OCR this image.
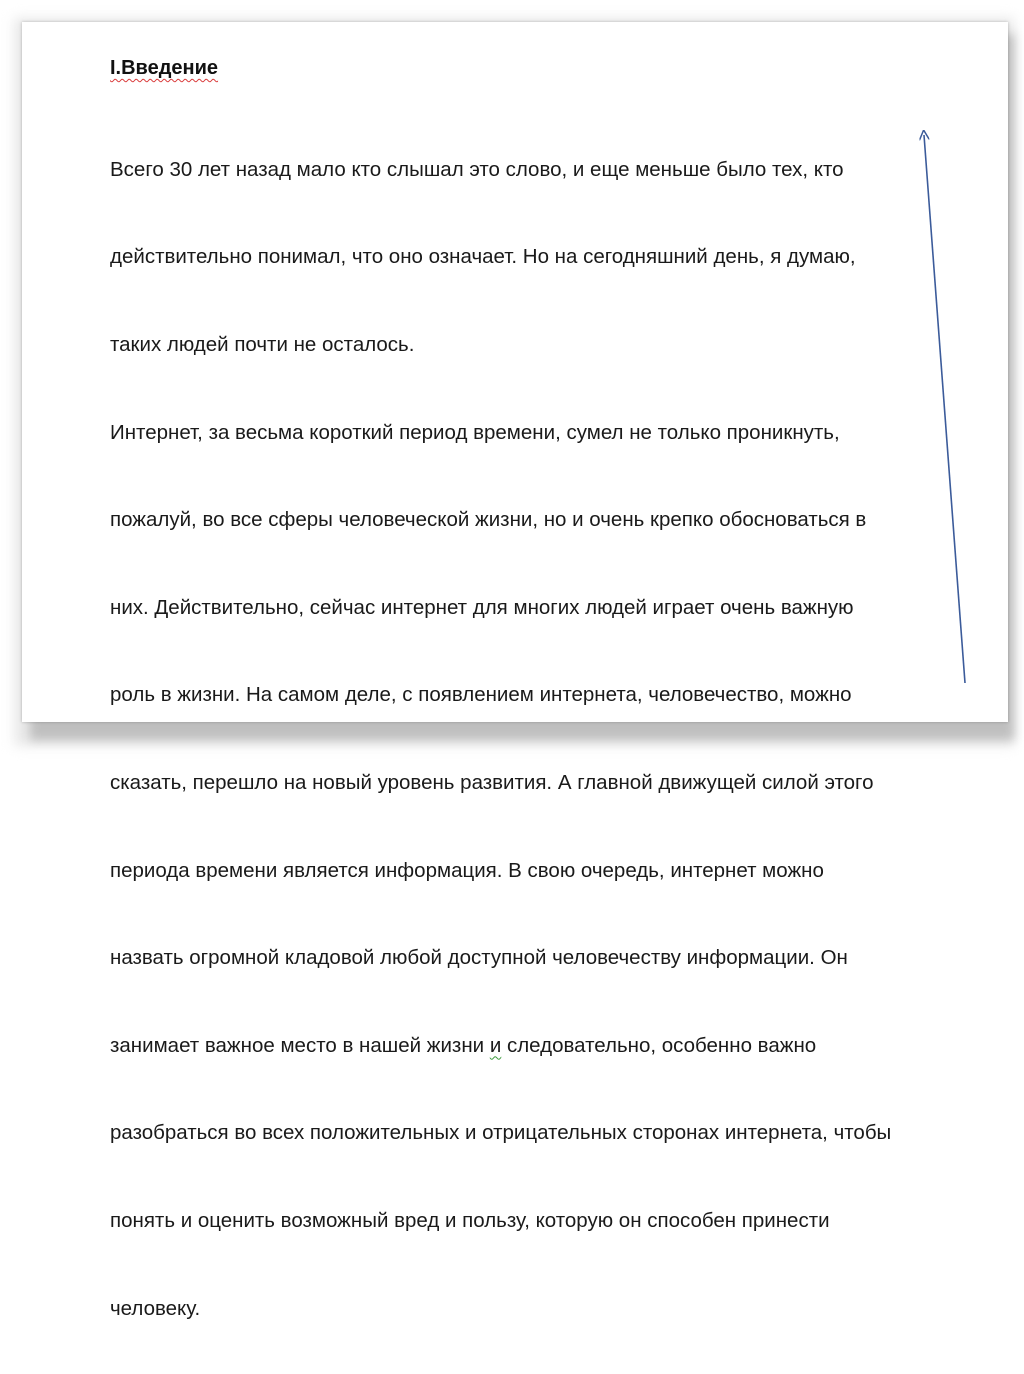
I.Введение

Всего 30 лет назад мало кто слышал это слово, и еще меньше было тех, кто

действительно понимал, что оно означает. Но на сегодняшний день, я думаю,

таких людей почти не осталось.

Интернет, за весьма короткий период времени, сумел не только проникнуть,

пожалуй, во все сферы человеческой жизни, но и очень крепко обосноваться в

них. Действительно, сейчас интернет для многих людей играет очень важную

роль в жизни. На самом деле, с появлением интернета, человечество, можно

сказать, перешло на новый уровень развития. А главной движущей силой этого

периода времени является информация. В свою очередь, интернет можно

назвать огромной кладовой любой доступной человечеству информации. Он

занимает важное место в нашей жизни и следовательно, особенно важно

разобраться во всех положительных и отрицательных сторонах интернета, чтобы

понять и оценить возможный вред и пользу, которую он способен принести

человеку.
